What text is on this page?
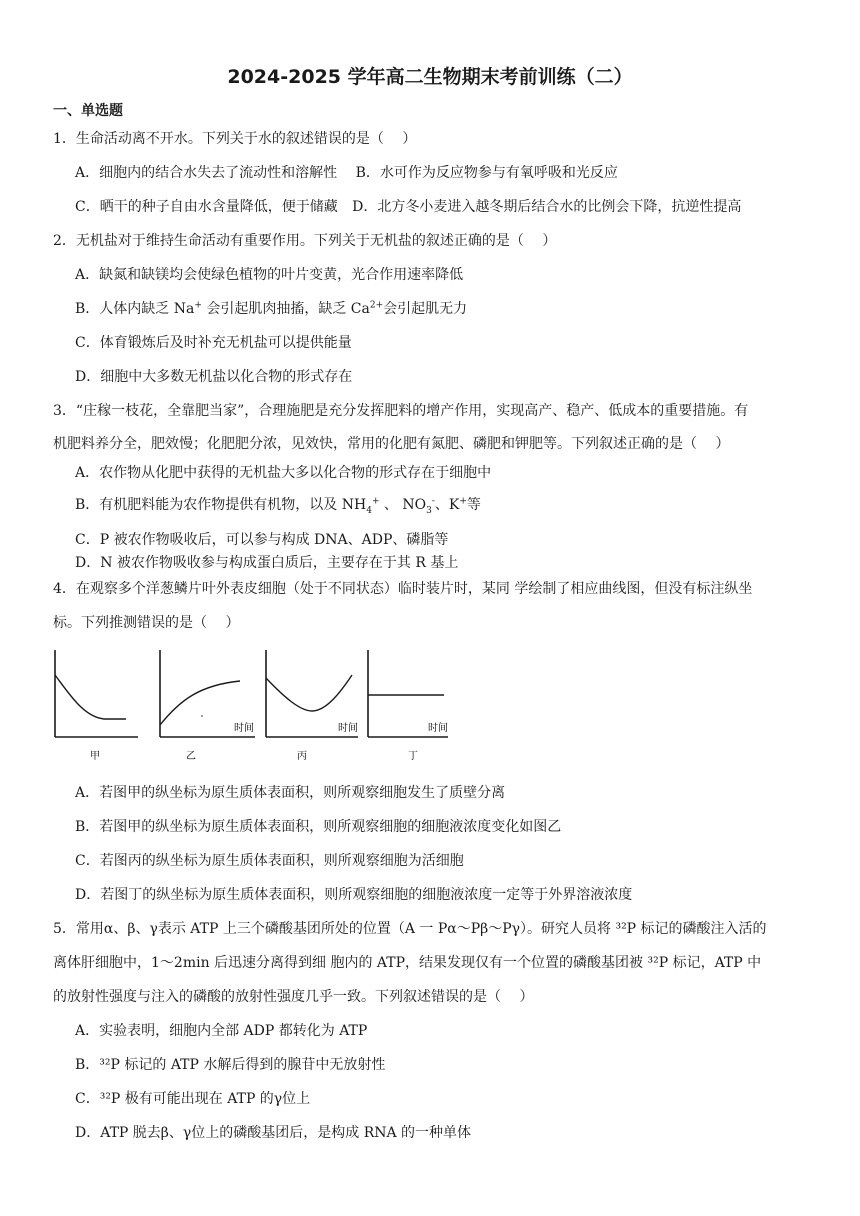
2024-2025 学年高二生物期末考前训练（二）
一、单选题
1．生命活动离不开水。下列关于水的叙述错误的是（　 ）
A．细胞内的结合水失去了流动性和溶解性 B．水可作为反应物参与有氧呼吸和光反应
C．晒干的种子自由水含量降低，便于储藏 D．北方冬小麦进入越冬期后结合水的比例会下降，抗逆性提高
2．无机盐对于维持生命活动有重要作用。下列关于无机盐的叙述正确的是（　 ）
A．缺氮和缺镁均会使绿色植物的叶片变黄，光合作用速率降低
B．人体内缺乏 Na+ 会引起肌肉抽搐，缺乏 $Ca^{2+}$会引起肌无力
C．体育锻炼后及时补充无机盐可以提供能量
D．细胞中大多数无机盐以化合物的形式存在
3．“庄稼一枝花，全靠肥当家”，合理施肥是充分发挥肥料的增产作用，实现高产、稳产、低成本的重要措施。有
机肥料养分全，肥效慢；化肥肥分浓，见效快，常用的化肥有氮肥、磷肥和钾肥等。下列叙述正确的是（　 ）
A．农作物从化肥中获得的无机盐大多以化合物的形式存在于细胞中
B．有机肥料能为农作物提供有机物，以及 $NH_4^+$ 、 $NO_3^-$、K+等
C．P 被农作物吸收后，可以参与构成 DNA、ADP、磷脂等
D．N 被农作物吸收参与构成蛋白质后，主要存在于其 R 基上
4．在观察多个洋葱鳞片叶外表皮细胞（处于不同状态）临时装片时，某同 学绘制了相应曲线图，但没有标注纵坐
标。下列推测错误的是（　 ）
甲
时间
乙
时间
丙
时间
丁
A．若图甲的纵坐标为原生质体表面积，则所观察细胞发生了质壁分离
B．若图甲的纵坐标为原生质体表面积，则所观察细胞的细胞液浓度变化如图乙
C．若图丙的纵坐标为原生质体表面积，则所观察细胞为活细胞
D．若图丁的纵坐标为原生质体表面积，则所观察细胞的细胞液浓度一定等于外界溶液浓度
5．常用α、β、γ表示 ATP 上三个磷酸基团所处的位置（A 一 Pα～Pβ～Pγ）。研究人员将 ³²P 标记的磷酸注入活的
离体肝细胞中，1～2min 后迅速分离得到细 胞内的 ATP，结果发现仅有一个位置的磷酸基团被 ³²P 标记，ATP 中
的放射性强度与注入的磷酸的放射性强度几乎一致。下列叙述错误的是（　 ）
A．实验表明，细胞内全部 ADP 都转化为 ATP
B．³²P 标记的 ATP 水解后得到的腺苷中无放射性
C．³²P 极有可能出现在 ATP 的γ位上
D．ATP 脱去β、γ位上的磷酸基团后，是构成 RNA 的一种单体
